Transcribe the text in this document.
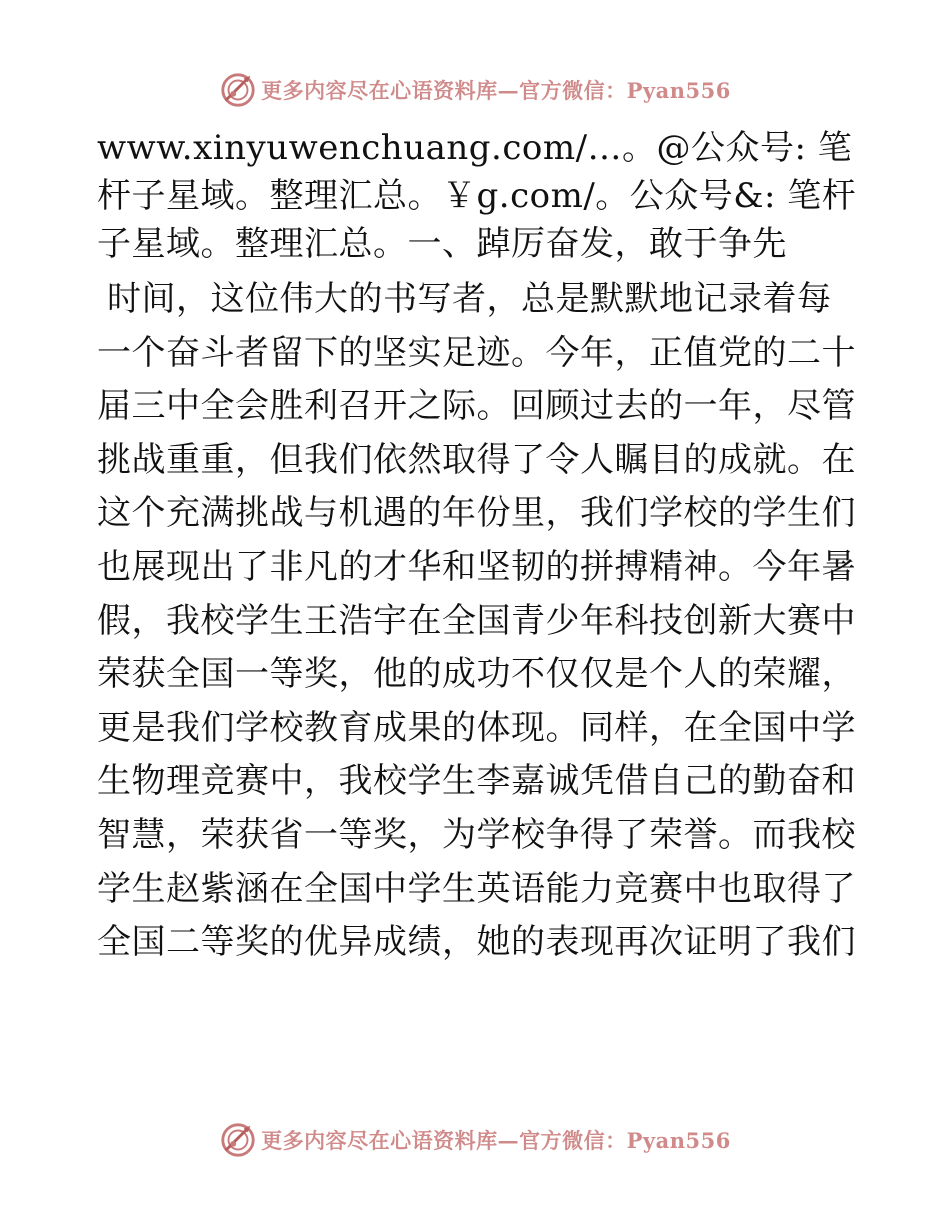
更多内容尽在心语资料库—官方微信：Pyan556

www.xinyuwenchuang.com/…。@公众号: 笔杆子星域。整理汇总。￥g.com/。公众号&: 笔杆子星域。整理汇总。一、踔厉奋发，敢于争先

时间，这位伟大的书写者，总是默默地记录着每一个奋斗者留下的坚实足迹。今年，正值党的二十届三中全会胜利召开之际。回顾过去的一年，尽管挑战重重，但我们依然取得了令人瞩目的成就。在这个充满挑战与机遇的年份里，我们学校的学生们也展现出了非凡的才华和坚韧的拼搏精神。今年暑假，我校学生王浩宇在全国青少年科技创新大赛中荣获全国一等奖，他的成功不仅仅是个人的荣耀，更是我们学校教育成果的体现。同样，在全国中学生物理竞赛中，我校学生李嘉诚凭借自己的勤奋和智慧，荣获省一等奖，为学校争得了荣誉。而我校学生赵紫涵在全国中学生英语能力竞赛中也取得了全国二等奖的优异成绩，她的表现再次证明了我们

更多内容尽在心语资料库—官方微信：Pyan556
